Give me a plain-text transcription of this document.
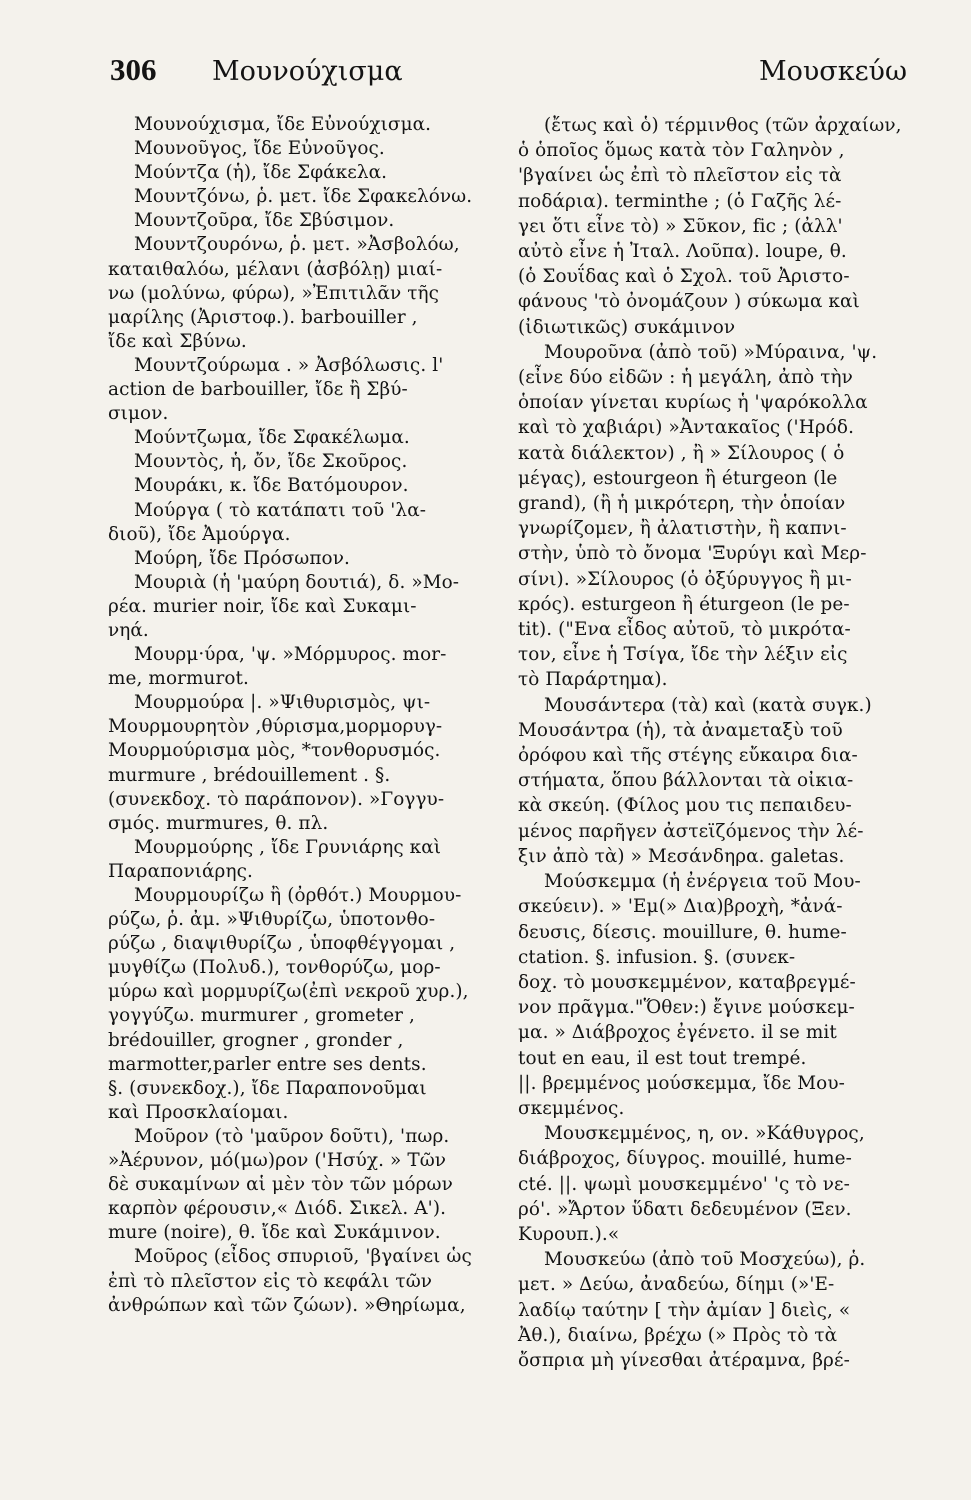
306	Μουνούχισμα	Μουσκεύω

Μουνούχισμα, ἴδε Εὐνούχισμα.

Μουνοῦγος, ἴδε Εὐνοῦγος.

Μούντζα (ἡ), ἴδε Σφάκελα.

Μουντζόνω, ῥ. μετ. ἴδε Σφακελόνω.

Μουντζοῦρα, ἴδε Σβύσιμον.

Μουντζουρόνω, ῥ. μετ. »Ἀσβολόω,
καταιθαλόω, μέλανι (ἀσβόλῃ) μιαί-
νω (μολύνω, φύρω), »Ἐπιτιλᾶν τῆς
μαρίλης (Ἀριστοφ.). barbouiller ,
ἴδε καὶ Σβύνω.

Μουντζούρωμα . » Ἀσβόλωσις. l'
action de barbouiller, ἴδε ἢ Σβύ-
σιμον.

Μούντζωμα, ἴδε Σφακέλωμα.

Μουντὸς, ἡ, ὄν, ἴδε Σκοῦρος.

Μουράκι, κ. ἴδε Βατόμουρον.

Μούργα ( τὸ κατάπατι τοῦ 'λα-
διοῦ), ἴδε Ἀμούργα.

Μούρη, ἴδε Πρόσωπον.

Μουριὰ (ἡ 'μαύρη δουτιά), δ. »Μο-
ρέα. murier noir, ἴδε καὶ Συκαμι-
νηά.

Μουρμ·ύρα, 'ψ. »Μόρμυρος. mor-
me, mormurot.

Μουρμούρα |. »Ψιθυρισμὸς, ψι-
Μουρμουρητὸν ,θύρισμα,μορμορυγ-
Μουρμούρισμα μὸς, *τονθορυσμός.
murmure , brédouillement . §.
(συνεκδοχ. τὸ παράπονον). »Γογγυ-
σμός. murmures, θ. πλ.

Μουρμούρης , ἴδε Γρυνιάρης καὶ
Παραπονιάρης.

Μουρμουρίζω ἢ (ὀρθότ.) Μουρμου-
ρύζω, ῥ. ἀμ. »Ψιθυρίζω, ὑποτονθο-
ρύζω , διαψιθυρίζω , ὑποφθέγγομαι ,
μυγθίζω (Πολυδ.), τονθορύζω, μορ-
μύρω καὶ μορμυρίζω(ἐπὶ νεκροῦ χυρ.),
γογγύζω. murmurer , grometer ,
brédouiller, grogner , gronder ,
marmotter,parler entre ses dents.
§. (συνεκδοχ.), ἴδε Παραπονοῦμαι
καὶ Προσκλαίομαι.

Μοῦρον (τὸ 'μαῦρον δοῦτι), 'πωρ.
»Ἀέρυνον, μό(μω)ρον ('Ησύχ. » Τῶν
δὲ συκαμίνων αἱ μὲν τὸν τῶν μόρων
καρπὸν φέρουσιν,« Διόδ. Σικελ. Α').
mure (noire), θ. ἴδε καὶ Συκάμινον.

Μοῦρος (εἶδος σπυριοῦ, 'βγαίνει ὡς
ἐπὶ τὸ πλεῖστον εἰς τὸ κεφάλι τῶν
ἀνθρώπων καὶ τῶν ζώων). »Θηρίωμα,

(ἔτως καὶ ὁ) τέρμινθος (τῶν ἀρχαίων,
ὁ ὁποῖος ὅμως κατὰ τὸν Γαληνὸν ,
'βγαίνει ὡς ἐπὶ τὸ πλεῖστον εἰς τὰ
ποδάρια). terminthe ; (ὁ Γαζῆς λέ-
γει ὅτι εἶνε τὸ) » Σῦκον, fic ; (ἀλλ'
αὐτὸ εἶνε ἡ Ἰταλ. Λοῦπα). loupe, θ.
(ὁ Σουΐδας καὶ ὁ Σχολ. τοῦ Ἀριστο-
φάνους 'τὸ ὀνομάζουν ) σύκωμα καὶ
(ἰδιωτικῶς) συκάμινον

Μουροῦνα (ἀπὸ τοῦ) »Μύραινα, 'ψ.
(εἶνε δύο εἰδῶν : ἡ μεγάλη, ἀπὸ τὴν
ὁποίαν γίνεται κυρίως ἡ 'ψαρόκολλα
καὶ τὸ χαβιάρι) »Ἀντακαῖος ('Ηρόδ.
κατὰ διάλεκτον) , ἢ » Σίλουρος ( ὁ
μέγας), estourgeon ἢ éturgeon (le
grand), (ἢ ἡ μικρότερη, τὴν ὁποίαν
γνωρίζομεν, ἢ ἀλατιστὴν, ἢ καπνι-
στὴν, ὑπὸ τὸ ὄνομα 'Ξυρύγι καὶ Μερ-
σίνι). »Σίλουρος (ὁ ὀξύρυγγος ἢ μι-
κρός). esturgeon ἢ éturgeon (le pe-
tit). ("Ενα εἶδος αὐτοῦ, τὸ μικρότα-
τον, εἶνε ἡ Τσίγα, ἴδε τὴν λέξιν εἰς
τὸ Παράρτημα).

Μουσάντερα (τὰ) καὶ (κατὰ συγκ.)
Μουσάντρα (ἡ), τὰ ἀναμεταξὺ τοῦ
ὀρόφου καὶ τῆς στέγης εὔκαιρα δια-
στήματα, ὅπου βάλλονται τὰ οἰκια-
κὰ σκεύη. (Φίλος μου τις πεπαιδευ-
μένος παρῆγεν ἀστεϊζόμενος τὴν λέ-
ξιν ἀπὸ τὰ) » Μεσάνδηρα. galetas.

Μούσκεμμα (ἡ ἐνέργεια τοῦ Μου-
σκεύειν). » 'Εμ(» Δια)βροχὴ, *ἀνά-
δευσις, δίεσις. mouillure, θ. hume-
ctation. §. infusion. §. (συνεκ-
δοχ. τὸ μουσκεμμένον, καταβρεγμέ-
νον πρᾶγμα."Ὅθεν:) ἔγινε μούσκεμ-
μα. » Διάβροχος ἐγένετο. il se mit
tout en eau, il est tout trempé.
||. βρεμμένος μούσκεμμα, ἴδε Μου-
σκεμμένος.

Μουσκεμμένος, η, ον. »Κάθυγρος,
διάβροχος, δίυγρος. mouillé, hume-
cté. ||. ψωμὶ μουσκεμμένο' 'ς τὸ νε-
ρό'. »Ἄρτον ὕδατι δεδευμένον (Ξεν.
Κυρουπ.).«

Μουσκεύω (ἀπὸ τοῦ Μοσχεύω), ῥ.
μετ. » Δεύω, ἀναδεύω, δίημι (»'Ε-
λαδίῳ ταύτην [ τὴν ἀμίαν ] διεὶς, «
Ἀθ.), διαίνω, βρέχω (» Πρὸς τὸ τὰ
ὄσπρια μὴ γίνεσθαι ἀτέραμνα, βρέ-
